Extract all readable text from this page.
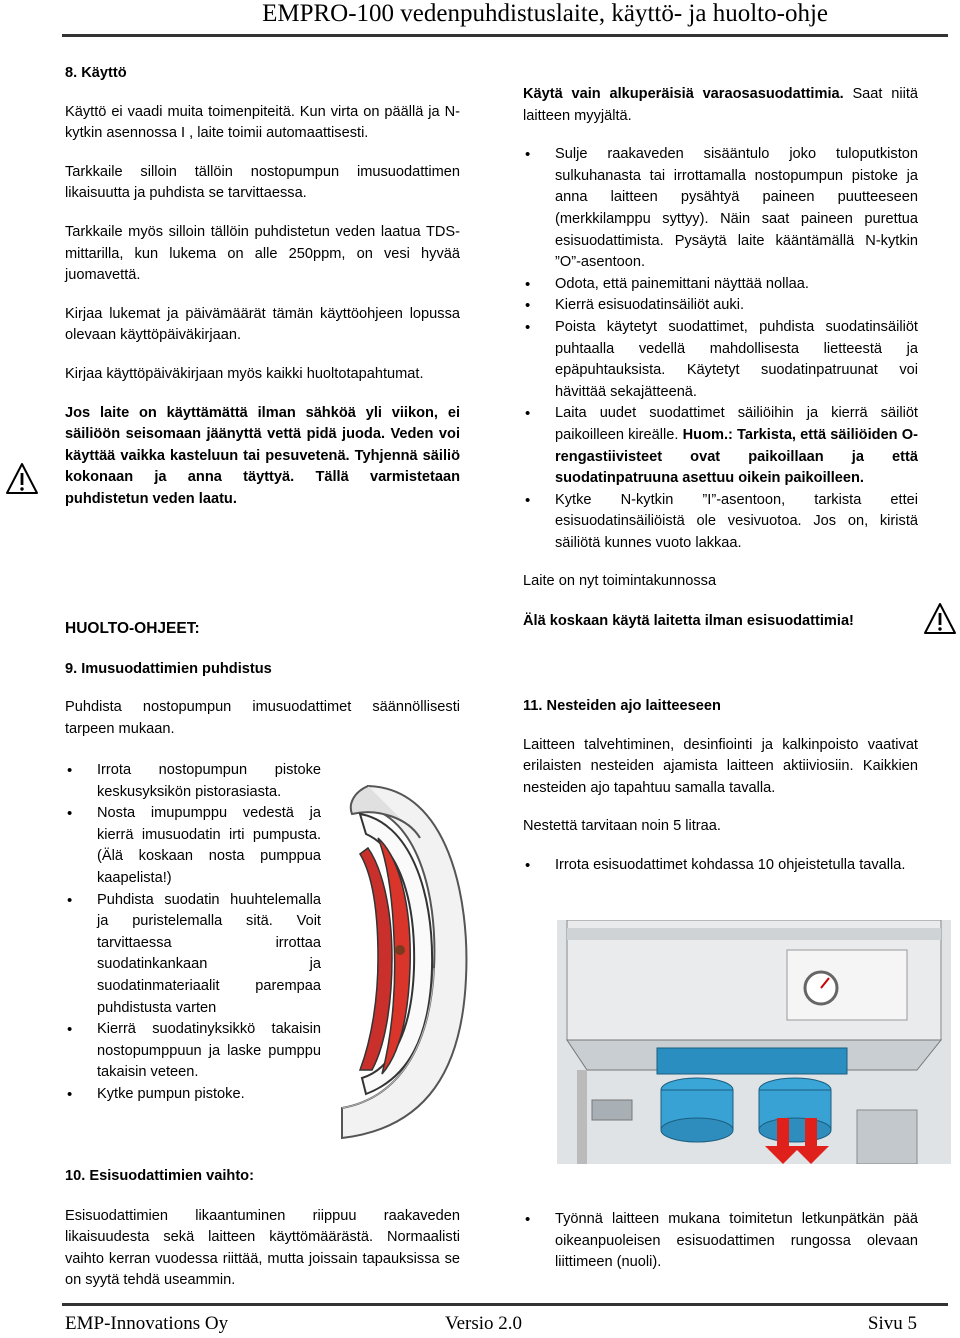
EMPRO-100 vedenpuhdistuslaite, käyttö- ja huolto-ohje

8. Käyttö

Käyttö ei vaadi muita toimenpiteitä. Kun virta on päällä ja N-kytkin asennossa I , laite toimii automaattisesti.

Tarkkaile silloin tällöin nostopumpun imusuodattimen likaisuutta ja puhdista se tarvittaessa.

Tarkkaile myös silloin tällöin puhdistetun veden laatua TDS-mittarilla, kun lukema on alle 250ppm, on vesi hyvää juomavettä.

Kirjaa lukemat ja päivämäärät tämän käyttöohjeen lopussa olevaan käyttöpäiväkirjaan.

Kirjaa käyttöpäiväkirjaan myös kaikki huoltotapahtumat.

Jos laite on käyttämättä ilman sähköä yli viikon, ei säiliöön seisomaan jäänyttä vettä pidä juoda. Veden voi käyttää vaikka kasteluun tai pesuvetenä. Tyhjennä säiliö kokonaan ja anna täyttyä. Tällä varmistetaan puhdistetun veden laatu.

HUOLTO-OHJEET:

9. Imusuodattimien puhdistus

Puhdista nostopumpun imusuodattimet säännöllisesti tarpeen mukaan.

• Irrota nostopumpun pistoke keskusyksikön pistorasiasta.
• Nosta imupumppu vedestä ja kierrä imusuodatin irti pumpusta. (Älä koskaan nosta pumppua kaapelista!)
• Puhdista suodatin huuhtelemalla ja puristelemalla sitä. Voit tarvittaessa irrottaa suodatinkankaan ja suodatinmateriaalit parempaa puhdistusta varten
• Kierrä suodatinyksikkö takaisin nostopumppuun ja laske pumppu takaisin veteen.
• Kytke pumpun pistoke.

10. Esisuodattimien vaihto:

Esisuodattimien likaantuminen riippuu raakaveden likaisuudesta sekä laitteen käyttömäärästä. Normaalisti vaihto kerran vuodessa riittää, mutta joissain tapauksissa se on syytä tehdä useammin.

Käytä vain alkuperäisiä varaosasuodattimia. Saat niitä laitteen myyjältä.

• Sulje raakaveden sisääntulo joko tuloputkiston sulkuhanasta tai irrottamalla nostopumpun pistoke ja anna laitteen pysähtyä paineen puutteeseen (merkkilamppu syttyy). Näin saat paineen purettua esisuodattimista. Pysäytä laite kääntämällä N-kytkin ”O”-asentoon.
• Odota, että painemittani näyttää nollaa.
• Kierrä esisuodatinsäiliöt auki.
• Poista käytetyt suodattimet, puhdista suodatinsäiliöt puhtaalla vedellä mahdollisesta lietteestä ja epäpuhtauksista. Käytetyt suodatinpatruunat voi hävittää sekajätteenä.
• Laita uudet suodattimet säiliöihin ja kierrä säiliöt paikoilleen kireälle. Huom.: Tarkista, että säiliöiden O-rengastiivisteet ovat paikoillaan ja että suodatinpatruuna asettuu oikein paikoilleen.
• Kytke N-kytkin ”I”-asentoon, tarkista ettei esisuodatinsäiliöistä ole vesivuotoa. Jos on, kiristä säiliötä kunnes vuoto lakkaa.

Laite on nyt toimintakunnossa

Älä koskaan käytä laitetta ilman esisuodattimia!

11. Nesteiden ajo laitteeseen

Laitteen talvehtiminen, desinfiointi ja kalkinpoisto vaativat erilaisten nesteiden ajamista laitteen aktiiviosiin. Kaikkien nesteiden ajo tapahtuu samalla tavalla.

Nestettä tarvitaan noin 5 litraa.

• Irrota esisuodattimet kohdassa 10 ohjeistetulla tavalla.
• Työnnä laitteen mukana toimitetun letkunpätkän pää oikeanpuoleisen esisuodattimen rungossa olevaan liittimeen (nuoli).
EMP-Innovations Oy	Versio 2.0	Sivu 5
